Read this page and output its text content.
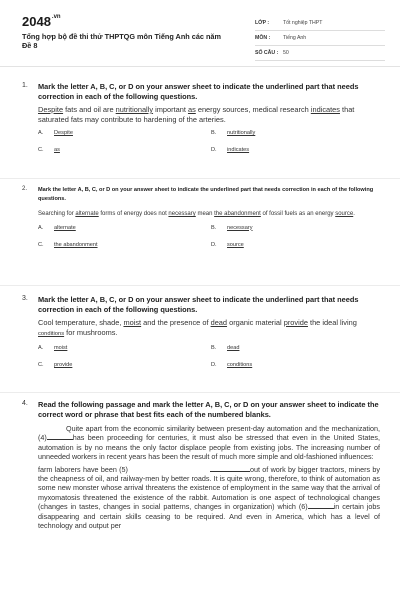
$2048^{.vn}$
Tổng hợp bộ đề thi thử THPTQG môn Tiếng Anh các năm
Đề 8
LỚP :	Tốt nghiệp THPT
MÔN :	Tiếng Anh
SỐ CÂU : 50
1. Mark the letter A, B, C, or D on your answer sheet to indicate the underlined part that needs correction in each of the following questions.
Despite fats and oil are nutritionally important as energy sources, medical research indicates that saturated fats may contribute to hardening of the arteries.
A.	Despite	B.	nutritionally
C.	as	D.	indicates
2. Mark the letter A, B, C, or D on your answer sheet to indicate the underlined part that needs correction in each of the following questions.
Searching for alternate forms of energy does not necessary mean the abandonment of fossil fuels as an energy source.
A.	alternate	B.	necessary
C.	the abandonment	D.	source
3. Mark the letter A, B, C, or D on your answer sheet to indicate the underlined part that needs correction in each of the following questions.
Cool temperature, shade, moist and the presence of dead organic material provide the ideal living conditions for mushrooms.
A.	moist	B.	dead
C.	provide	D.	conditions
4. Read the following passage and mark the letter A, B, C, or D on your answer sheet to indicate the correct word or phrase that best fits each of the numbered blanks.

Quite apart from the economic similarity between present-day automation and the mechanization, (4)	has been proceeding for centuries, it must also be stressed that even in the United States, automation is by no means the only factor displace people from existing jobs. The increasing number of unneeded workers in recent years has been the result of much more simple and old-fashioned influences:

farm laborers have been (5)	out of work by bigger tractors, miners by the cheapness of oil, and railway-men by better roads. It is quite wrong, therefore, to think of automation as some new monster whose arrival threatens the existence of employment in the same way that the arrival of myxomatosis threatened the existence of the rabbit. Automation is one aspect of technological changes (changes in tastes, changes in social patterns, changes in organization) which (6)	in certain jobs disappearing and certain skills ceasing to be required. And even in America, which has a level of technology and output per
